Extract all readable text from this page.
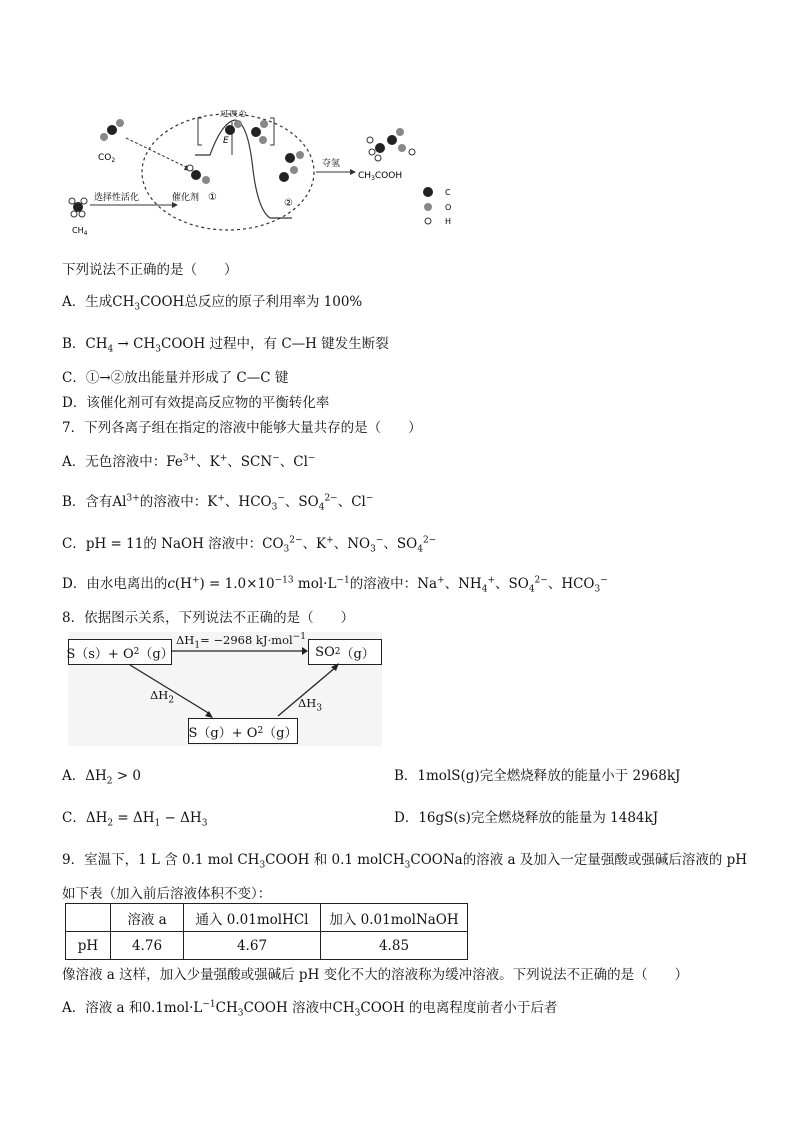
$CO_2$
$CH_4$
选择性活化
E
过渡态
催化剂 ①
②
夺氢
$CH_3COOH$
C
O
H
下列说法不正确的是（　　）
A．生成$CH_3COOH$总反应的原子利用率为 100%
B．$CH_4$ → $CH_3COOH$ 过程中，有 C—H 键发生断裂
C．①→②放出能量并形成了 C—C 键
D．该催化剂可有效提高反应物的平衡转化率
7．下列各离子组在指定的溶液中能够大量共存的是（　　）
A．无色溶液中：$Fe^{3+}$、K+、SCN−、Cl−
B．含有$Al^{3+}$的溶液中：K+、$HCO_3^-$、$SO_4^{2-}$、Cl−
C．pH = 11的 NaOH 溶液中：$CO_3^{2-}$、K+、$NO_3^-$、$SO_4^{2-}$
D．由水电离出的$c(H^+) = 1.0\times 10^{-13}$ $mol\cdot L^{-1}$的溶液中：Na+、$NH_4^+$、$SO_4^{2-}$、$HCO_3^-$
8．依据图示关系，下列说法不正确的是（　　）
S（s）+ O 2 （g）	SO 2 （g）
S（g）+ O 2 （g）
$\Delta H_1= -2968$ kJ·mol$^{-1}$
$\Delta H_2$	$\Delta H_3$
A．$\Delta H_2 > 0$	B．1molS(g)完全燃烧释放的能量小于 2968kJ
C．$\Delta H_2 = \Delta H_1 - \Delta H_3$	D．16gS(s)完全燃烧释放的能量为 1484kJ
9．室温下，1 L 含 0.1 mol $CH_3COOH$ 和 0.1 molCH$_3$COONa的溶液 a 及加入一定量强酸或强碱后溶液的 pH
如下表（加入前后溶液体积不变）：
	溶液 a	通入 0.01molHCl	加入 0.01molNaOH
pH	4.76	4.67	4.85
像溶液 a 这样，加入少量强酸或强碱后 pH 变化不大的溶液称为缓冲溶液。下列说法不正确的是（　　）
A．溶液 a 和$0.1mol\cdot L^{-1}CH_3COOH$ 溶液中$CH_3COOH$ 的电离程度前者小于后者
